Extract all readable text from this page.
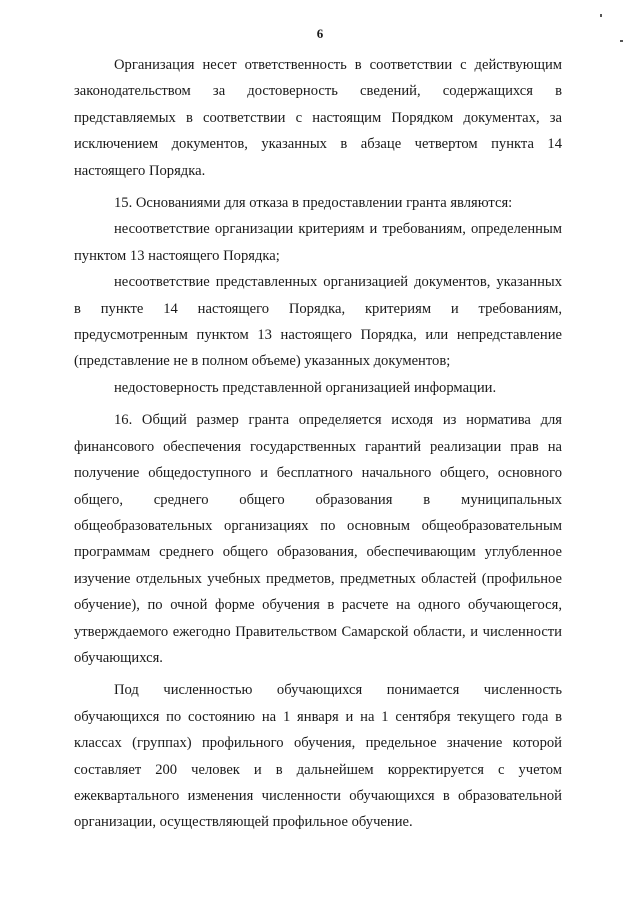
6

Организация несет ответственность в соответствии с действующим законодательством за достоверность сведений, содержащихся в представляемых в соответствии с настоящим Порядком документах, за исключением документов, указанных в абзаце четвертом пункта 14 настоящего Порядка.

15. Основаниями для отказа в предоставлении гранта являются:

несоответствие организации критериям и требованиям, определенным пунктом 13 настоящего Порядка;

несоответствие представленных организацией документов, указанных в пункте 14 настоящего Порядка, критериям и требованиям, предусмотренным пунктом 13 настоящего Порядка, или непредставление (представление не в полном объеме) указанных документов;

недостоверность представленной организацией информации.

16. Общий размер гранта определяется исходя из норматива для финансового обеспечения государственных гарантий реализации прав на получение общедоступного и бесплатного начального общего, основного общего, среднего общего образования в муниципальных общеобразовательных организациях по основным общеобразовательным программам среднего общего образования, обеспечивающим углубленное изучение отдельных учебных предметов, предметных областей (профильное обучение), по очной форме обучения в расчете на одного обучающегося, утверждаемого ежегодно Правительством Самарской области, и численности обучающихся.

Под численностью обучающихся понимается численность обучающихся по состоянию на 1 января и на 1 сентября текущего года в классах (группах) профильного обучения, предельное значение которой составляет 200 человек и в дальнейшем корректируется с учетом ежеквартального изменения численности обучающихся в образовательной организации, осуществляющей профильное обучение.
